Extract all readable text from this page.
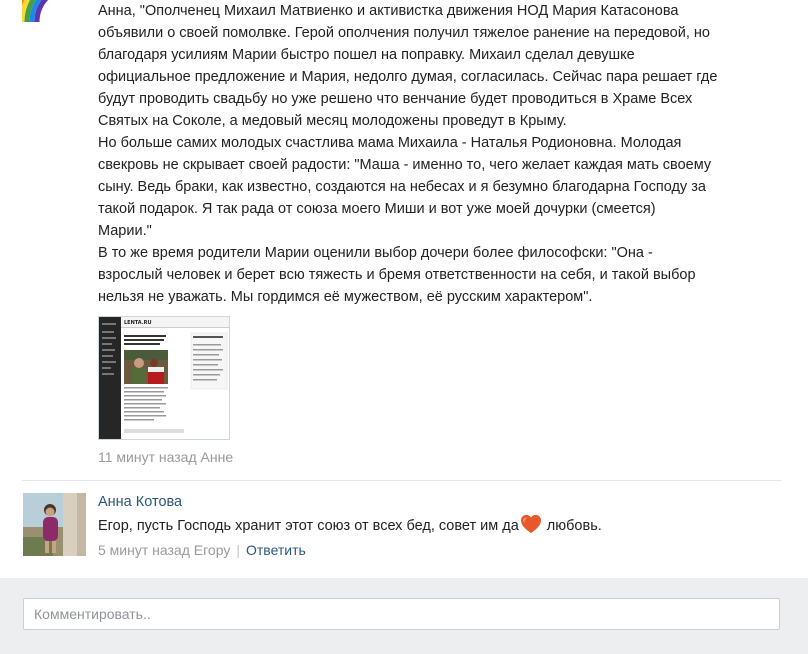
Анна, "Ополченец Михаил Матвиенко и активистка движения НОД Мария Катасонова

объявили о своей помолвке. Герой ополчения получил тяжелое ранение на передовой, но

благодаря усилиям Марии быстро пошел на поправку. Михаил сделал девушке

официальное предложение и Мария, недолго думая, согласилась. Сейчас пара решает где

будут проводить свадьбу но уже решено что венчание будет проводиться в Храме Всех

Святых на Соколе, а медовый месяц молодожены проведут в Крыму.

Но больше самих молодых счастлива мама Михаила - Наталья Родионовна. Молодая

свекровь не скрывает своей радости: "Маша - именно то, чего желает каждая мать своему

сыну. Ведь браки, как известно, создаются на небесах и я безумно благодарна Господу за

такой подарок. Я так рада от союза моего Миши и вот уже моей дочурки (смеется)

Марии."

В то же время родители Марии оценили выбор дочери более философски: "Она -

взрослый человек и берет всю тяжесть и бремя ответственности на себя, и такой выбор

нельзя не уважать. Мы гордимся её мужеством, её русским характером".

LENTA.RU
11 минут назад Анне
Анна Котова
Егор, пусть Господь хранит этот союз от всех бед, совет им да любовь.
5 минут назад Егору | Ответить
Комментировать..
